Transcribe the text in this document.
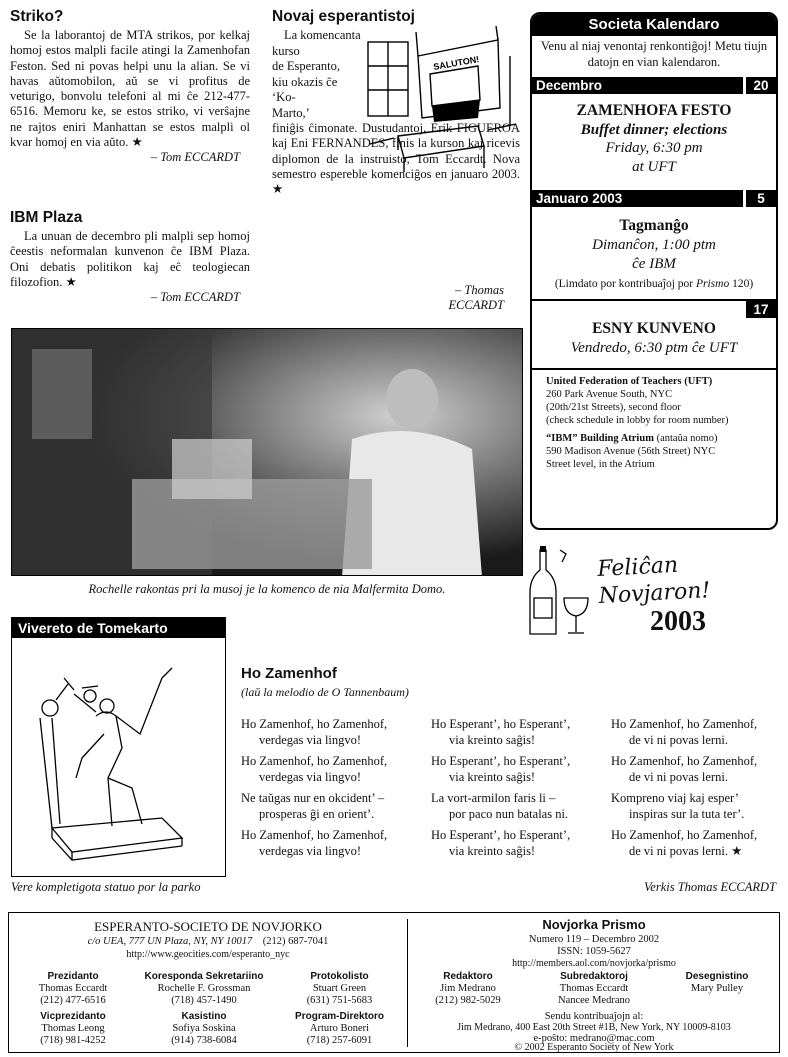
Striko?

Se la laborantoj de MTA strikos, por kelkaj homoj estos malpli facile atingi la Zamenhofan Feston. Sed ni povas helpi unu la alian. Se vi havas aŭtomobilon, aŭ se vi profitus de veturigo, bonvolu telefoni al mi ĉe 212-477-6516. Memoru ke, se estos striko, vi verŝajne ne rajtos eniri Manhattan se estos malpli ol kvar homoj en via aŭto. ★

– Tom ECCARDT

IBM Plaza

La unuan de decembro pli malpli sep homoj ĉeestis neformalan kunvenon ĉe IBM Plaza. Oni debatis politikon kaj eĉ teologiecan filozofion. ★

– Tom ECCARDT

Novaj esperantistoj
La komencanta
kurso
de Esperanto,
kiu okazis ĉe ‘Ko-
Marto,’
SALUTON!

finiĝis ĉimonate. Dustudantoj, Erik FIGUEROA kaj Eni FERNANDES, finis la kurson kaj ricevis diplomon de la instruisto, Tom Eccardt. Nova semestro espereble komenciĝos en januaro 2003. ★

– Thomas
ECCARDT
Rochelle rakontas pri la musoj je la komenco de nia Malfermita Domo.
Societa Kalendaro
Venu al niaj venontaj renkontiĝoj! Metu tiujn datojn en vian kalendaron.
Decembro	20
ZAMENHOFA FESTO
Buffet dinner; elections
Friday, 6:30 pm
at UFT
Januaro 2003	5
Tagmanĝo
Dimanĉon, 1:00 ptm
ĉe IBM
(Limdato por kontribuaĵoj por Prismo 120)
17
ESNY KUNVENO
Vendredo, 6:30 ptm ĉe UFT
United Federation of Teachers (UFT)
260 Park Avenue South, NYC
(20th/21st Streets), second floor
(check schedule in lobby for room number)
“IBM” Building Atrium (antaŭa nomo)
590 Madison Avenue (56th Street) NYC
Street level, in the Atrium
Feliĉan Novjaron!
2003
Vivereto de Tomekarto
Vere kompletigota statuo por la parko
Ho Zamenhof
(laŭ la melodio de O Tannenbaum)

Ho Zamenhof, ho Zamenhof,
verdegas via lingvo!

Ho Zamenhof, ho Zamenhof,
verdegas via lingvo!

Ne taŭgas nur en okcident’ –
prosperas ĝi en orient’.

Ho Zamenhof, ho Zamenhof,
verdegas via lingvo!

Ho Esperant’, ho Esperant’,
via kreinto saĝis!

Ho Esperant’, ho Esperant’,
via kreinto saĝis!

La vort-armilon faris li –
por paco nun batalas ni.

Ho Esperant’, ho Esperant’,
via kreinto saĝis!

Ho Zamenhof, ho Zamenhof,
de vi ni povas lerni.

Ho Zamenhof, ho Zamenhof,
de vi ni povas lerni.

Kompreno viaj kaj esper’
inspiras sur la tuta ter’.

Ho Zamenhof, ho Zamenhof,
de vi ni povas lerni. ★

Verkis Thomas ECCARDT
ESPERANTO-SOCIETO DE NOVJORKO
c/o UEA, 777 UN Plaza, NY, NY 10017 (212) 687-7041
http://www.geocities.com/esperanto_nyc
Prezidanto
Thomas Eccardt
(212) 477-6516
Koresponda Sekretariino
Rochelle F. Grossman
(718) 457-1490
Protokolisto
Stuart Green
(631) 751-5683
Vicprezidanto
Thomas Leong
(718) 981-4252
Kasistino
Sofiya Soskina
(914) 738-6084
Program-Direktoro
Arturo Boneri
(718) 257-6091
Novjorka Prismo
Numero 119 – Decembro 2002
ISSN: 1059-5627
http://members.aol.com/novjorka/prismo
Redaktoro
Jim Medrano
(212) 982-5029
Subredaktoroj
Thomas Eccardt
Nancee Medrano
Desegnistino
Mary Pulley
Sendu kontribuaĵojn al:
Jim Medrano, 400 East 20th Street #1B, New York, NY 10009-8103
e-poŝto: medrano@mac.com
© 2002 Esperanto Society of New York
